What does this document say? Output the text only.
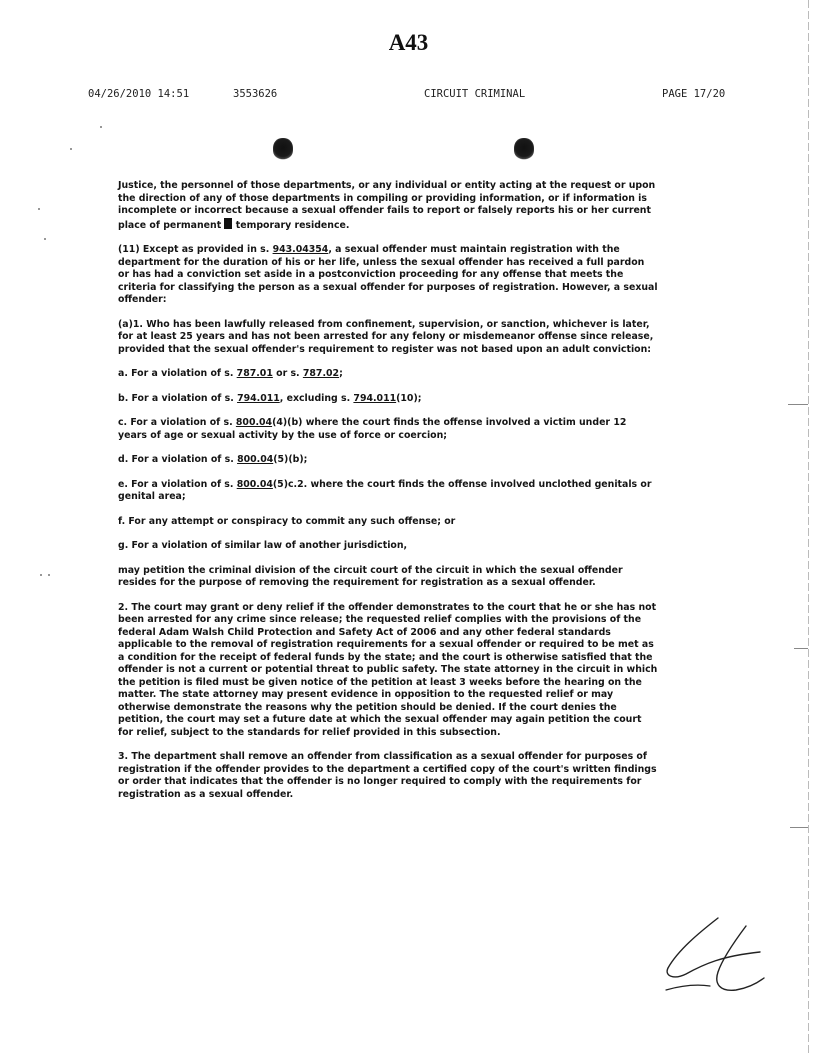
A43
04/26/2010 14:51	3553626	CIRCUIT CRIMINAL	PAGE 17/20

Justice, the personnel of those departments, or any individual or entity acting at the request or upon the direction of any of those departments in compiling or providing information, or if information is incomplete or incorrect because a sexual offender fails to report or falsely reports his or her current place of permanent temporary residence.

(11) Except as provided in s. 943.04354, a sexual offender must maintain registration with the department for the duration of his or her life, unless the sexual offender has received a full pardon or has had a conviction set aside in a postconviction proceeding for any offense that meets the criteria for classifying the person as a sexual offender for purposes of registration. However, a sexual offender:

(a)1. Who has been lawfully released from confinement, supervision, or sanction, whichever is later, for at least 25 years and has not been arrested for any felony or misdemeanor offense since release, provided that the sexual offender's requirement to register was not based upon an adult conviction:

a. For a violation of s. 787.01 or s. 787.02;

b. For a violation of s. 794.011, excluding s. 794.011(10);

c. For a violation of s. 800.04(4)(b) where the court finds the offense involved a victim under 12 years of age or sexual activity by the use of force or coercion;

d. For a violation of s. 800.04(5)(b);

e. For a violation of s. 800.04(5)c.2. where the court finds the offense involved unclothed genitals or genital area;

f. For any attempt or conspiracy to commit any such offense; or

g. For a violation of similar law of another jurisdiction,

may petition the criminal division of the circuit court of the circuit in which the sexual offender resides for the purpose of removing the requirement for registration as a sexual offender.

2. The court may grant or deny relief if the offender demonstrates to the court that he or she has not been arrested for any crime since release; the requested relief complies with the provisions of the federal Adam Walsh Child Protection and Safety Act of 2006 and any other federal standards applicable to the removal of registration requirements for a sexual offender or required to be met as a condition for the receipt of federal funds by the state; and the court is otherwise satisfied that the offender is not a current or potential threat to public safety. The state attorney in the circuit in which the petition is filed must be given notice of the petition at least 3 weeks before the hearing on the matter. The state attorney may present evidence in opposition to the requested relief or may otherwise demonstrate the reasons why the petition should be denied. If the court denies the petition, the court may set a future date at which the sexual offender may again petition the court for relief, subject to the standards for relief provided in this subsection.

3. The department shall remove an offender from classification as a sexual offender for purposes of registration if the offender provides to the department a certified copy of the court's written findings or order that indicates that the offender is no longer required to comply with the requirements for registration as a sexual offender.
